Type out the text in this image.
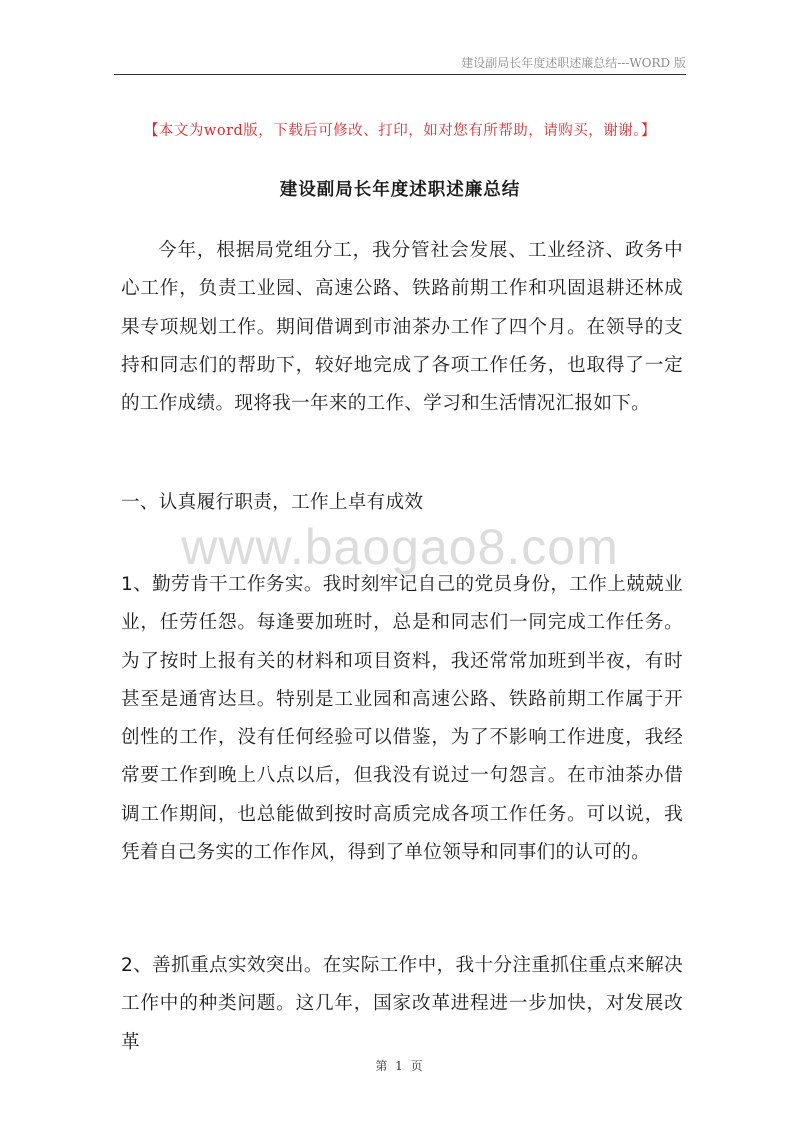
建设副局长年度述职述廉总结---WORD 版
【本文为word版，下载后可修改、打印，如对您有所帮助，请购买，谢谢。】
建设副局长年度述职述廉总结

今年，根据局党组分工，我分管社会发展、工业经济、政务中心工作，负责工业园、高速公路、铁路前期工作和巩固退耕还林成果专项规划工作。期间借调到市油茶办工作了四个月。在领导的支持和同志们的帮助下，较好地完成了各项工作任务，也取得了一定的工作成绩。现将我一年来的工作、学习和生活情况汇报如下。

一、认真履行职责，工作上卓有成效

www.baogao8.com

1、勤劳肯干工作务实。我时刻牢记自己的党员身份，工作上兢兢业业，任劳任怨。每逢要加班时，总是和同志们一同完成工作任务。为了按时上报有关的材料和项目资料，我还常常加班到半夜，有时甚至是通宵达旦。特别是工业园和高速公路、铁路前期工作属于开创性的工作，没有任何经验可以借鉴，为了不影响工作进度，我经常要工作到晚上八点以后，但我没有说过一句怨言。在市油茶办借调工作期间，也总能做到按时高质完成各项工作任务。可以说，我凭着自己务实的工作作风，得到了单位领导和同事们的认可的。

2、善抓重点实效突出。在实际工作中，我十分注重抓住重点来解决工作中的种类问题。这几年，国家改革进程进一步加快，对发展改革

第 1 页
